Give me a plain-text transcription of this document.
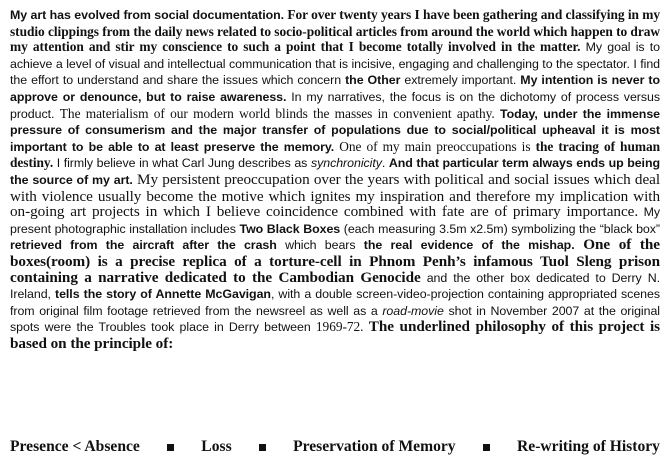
My art has evolved from social documentation. For over twenty years I have been gathering and classifying in my studio clippings from the daily news related to socio-political articles from around the world which happen to draw my attention and stir my conscience to such a point that I become totally involved in the matter. My goal is to achieve a level of visual and intellectual communication that is incisive, engaging and challenging to the spectator. I find the effort to understand and share the issues which concern the Other extremely important. My intention is never to approve or denounce, but to raise awareness. In my narratives, the focus is on the dichotomy of process versus product. The materialism of our modern world blinds the masses in convenient apathy. Today, under the immense pressure of consumerism and the major transfer of populations due to social/political upheaval it is most important to be able to at least preserve the memory. One of my main preoccupations is the tracing of human destiny. I firmly believe in what Carl Jung describes as synchronicity. And that particular term always ends up being the source of my art. My persistent preoccupation over the years with political and social issues which deal with violence usually become the motive which ignites my inspiration and therefore my implication with on-going art projects in which I believe coincidence combined with fate are of primary importance. My present photographic installation includes Two Black Boxes (each measuring 3.5m x2.5m) symbolizing the “black box” retrieved from the aircraft after the crash which bears the real evidence of the mishap. One of the boxes(room) is a precise replica of a torture-cell in Phnom Penh’s infamous Tuol Sleng prison containing a narrative dedicated to the Cambodian Genocide and the other box dedicated to Derry N. Ireland, tells the story of Annette McGavigan, with a double screen-video-projection containing appropriated scenes from original film footage retrieved from the newsreel as well as a road-movie shot in November 2007 at the original spots were the Troubles took place in Derry between 1969-72. The underlined philosophy of this project is based on the principle of:
Presence < Absence	Loss	Preservation of Memory	Re-writing of History
